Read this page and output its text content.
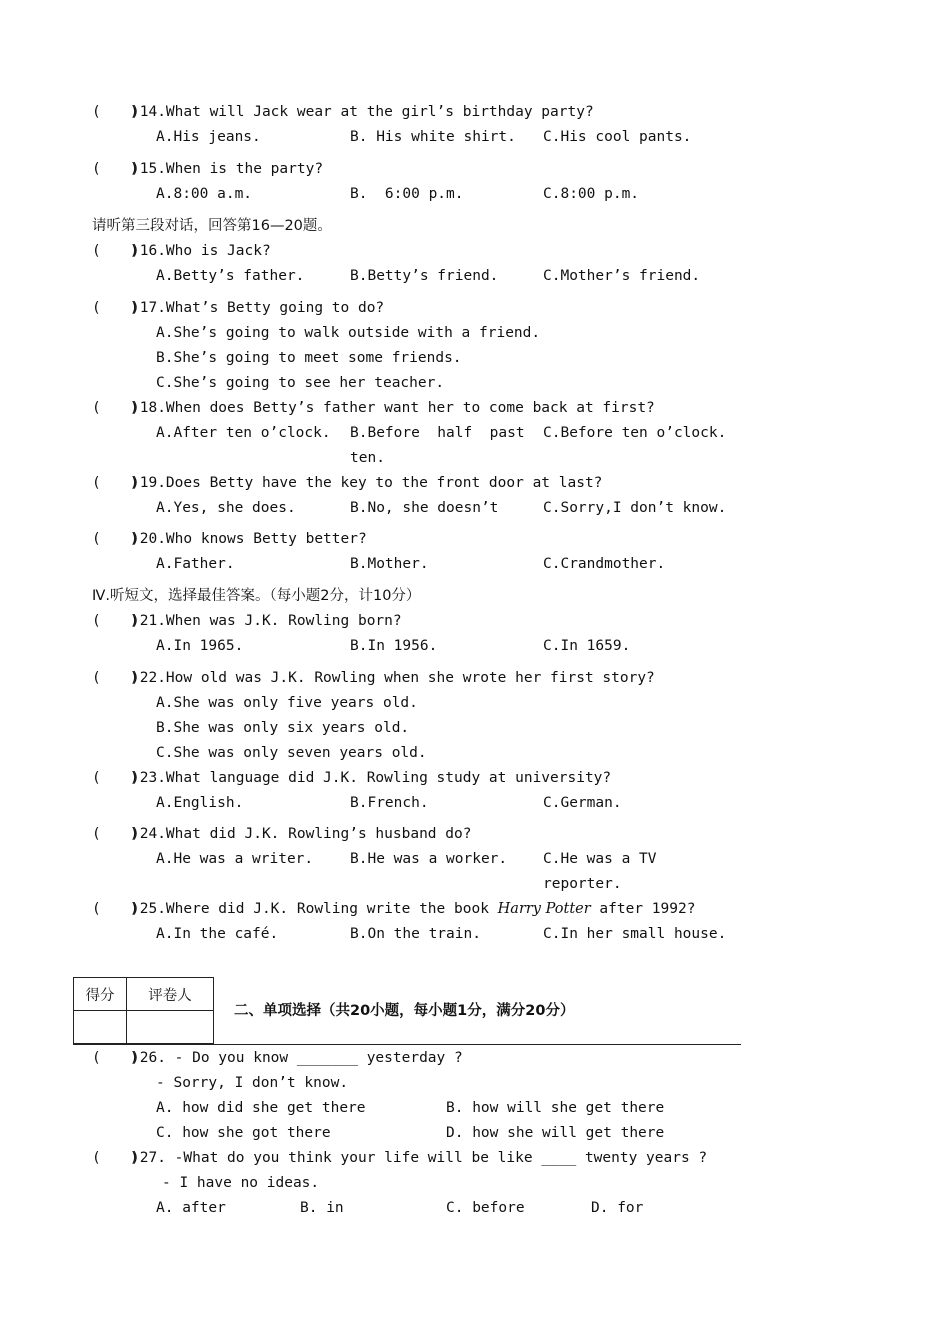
(　　)
)14.What will Jack wear at the girl’s birthday party?
A.His jeans.	B. His white shirt. C.His cool pants.
(　　)
)15.When is the party?
A.8:00 a.m.	B.  6:00 p.m.	C.8:00 p.m.
请听第三段对话，回答第16—20题。
(　　)
)16.Who is Jack?
A.Betty’s father.	B.Betty’s friend.	C.Mother’s friend.
(　　)
)17.What’s Betty going to do?
A.She’s going to walk outside with a friend.
B.She’s going to meet some friends.
C.She’s going to see her teacher.
(　　)
)18.When does Betty’s father want her to come back at first?
A.After ten o’clock. B.Before  half  past
ten.
C.Before ten o’clock.
(　　)
)19.Does Betty have the key to the front door at last?
A.Yes, she does.	B.No, she doesn’t	C.Sorry,I don’t know.
(　　)
)20.Who knows Betty better?
A.Father.	B.Mother.	C.Crandmother.
Ⅳ.听短文，选择最佳答案。（每小题2分，计10分）
(　　)
)21.When was J.K. Rowling born?
A.In 1965.	B.In 1956.	C.In 1659.
(　　)
)22.How old was J.K. Rowling when she wrote her first story?
A.She was only five years old.
B.She was only six years old.
C.She was only seven years old.
(　　)
)23.What language did J.K. Rowling study at university?
A.English.	B.French.	C.German.
(　　)
)24.What did J.K. Rowling’s husband do?
A.He was a writer.	B.He was a worker. C.He was a TV
reporter.
(　　)
)25.Where did J.K. Rowling write the book Harry Potter after 1992?
A.In the café.	B.On the train.	C.In her small house.
得分	评卷人

二、单项选择（共20小题，每小题1分，满分20分）
(　　)
)26. - Do you know _______ yesterday ?
- Sorry, I don’t know.
A. how did she get there	B. how will she get there
C. how she got there	D. how she will get there
(　　)
)27. -What do you think your life will be like ____ twenty years ?
- I have no ideas.
A. after	B. in	C. before	D. for
